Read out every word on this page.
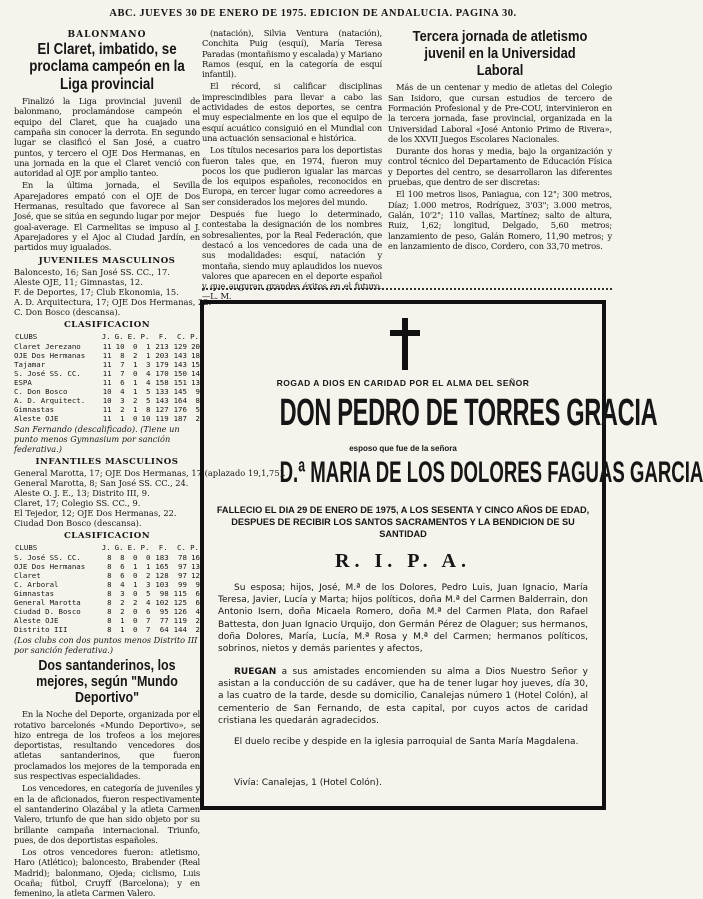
ABC. JUEVES 30 DE ENERO DE 1975. EDICION DE ANDALUCIA. PAGINA 30.
BALONMANO
El Claret, imbatido, se proclama campeón en la Liga provincial

Finalizó la Liga provincial juvenil de balonmano, proclamándose campeón el equipo del Claret, que ha cuajado una campaña sin conocer la derrota. En segundo lugar se clasificó el San José, a cuatro puntos, y tercero el OJE Dos Hermanas, en una jornada en la que el Claret venció con autoridad al OJE por amplio tanteo.

En la última jornada, el Sevilla Aparejadores empató con el OJE de Dos Hermanas, resultado que favorece al San José, que se sitúa en segundo lugar por mejor goal-average. El Carmelitas se impuso al J. Aparejadores y el Ajoc al Ciudad Jardín, en partidos muy igualados.

JUVENILES MASCULINOS
Baloncesto, 16; San José SS. CC., 17.
Aleste OJE, 11; Gimnastas, 12.
F. de Deportes, 17; Club Ekonomia, 15.
A. D. Arquitectura, 17; OJE Dos Hermanas, 22.
C. Don Bosco (descansa).
CLASIFICACION
CLUBS	J.	G.	E.	P.	F.	C.	P.
Claret Jerezano	11	10	0	1	213	129	20
OJE Dos Hermanas	11	8	2	1	203	143	18
Tajamar	11	7	1	3	179	143	15
S. José SS. CC.	11	7	0	4	170	150	14
ESPA	11	6	1	4	158	151	13
C. Don Bosco	10	4	1	5	133	145	9
A. D. Arquitect.	10	3	2	5	143	164	8
Gimnastas	11	2	1	8	127	176	5
Aleste OJE	11	1	0	10	119	187	2
San Fernando (descalificado). (Tiene un punto menos Gymnasium por sanción federativa.)
INFANTILES MASCULINOS
General Marotta, 17; OJE Dos Hermanas, 17 (aplazado 19,1,75).
General Marotta, 8; San José SS. CC., 24.
Aleste O. J. E., 13; Distrito III, 9.
Claret, 17; Colegio SS. CC., 9.
El Tejedor, 12; OJE Dos Hermanas, 22.
Ciudad Don Bosco (descansa).
CLASIFICACION
CLUBS	J.	G.	E.	P.	F.	C.	P.
S. José SS. CC.	8	8	0	0	183	78	16
OJE Dos Hermanas	8	6	1	1	165	97	13
Claret	8	6	0	2	128	97	12
C. Arboral	8	4	1	3	103	99	9
Gimnastas	8	3	0	5	98	115	6
General Marotta	8	2	2	4	102	125	6
Ciudad D. Bosco	8	2	0	6	95	126	4
Aleste OJE	8	1	0	7	77	119	2
Distrito III	8	1	0	7	64	144	2
(Los clubs con dos puntos menos Distrito III por sanción federativa.)
Dos santanderinos, los mejores, según "Mundo Deportivo"

En la Noche del Deporte, organizada por el rotativo barcelonés «Mundo Deportivo», se hizo entrega de los trofeos a los mejores deportistas, resultando vencedores dos atletas santanderinos, que fueron proclamados los mejores de la temporada en sus respectivas especialidades.

Los vencedores, en categoría de juveniles y en la de aficionados, fueron respectivamente el santanderino Olazábal y la atleta Carmen Valero, triunfo de que han sido objeto por su brillante campaña internacional. Triunfo, pues, de dos deportistas españoles.

Los otros vencedores fueron: atletismo, Haro (Atlético); baloncesto, Brabender (Real Madrid); balonmano, Ojeda; ciclismo, Luis Ocaña; fútbol, Cruyff (Barcelona); y en femenino, la atleta Carmen Valero.

(natación), Silvia Ventura (natación), Conchita Puig (esquí), María Teresa Paradas (montañismo y escalada) y Mariano Ramos (esquí, en la categoría de esquí infantil).

El récord, si calificar disciplinas imprescindibles para llevar a cabo las actividades de estos deportes, se centra muy especialmente en los que el equipo de esquí acuático consiguió en el Mundial con una actuación sensacional e histórica.

Los títulos necesarios para los deportistas fueron tales que, en 1974, fueron muy pocos los que pudieron igualar las marcas de los equipos españoles, reconocidos en Europa, en tercer lugar como acreedores a ser considerados los mejores del mundo.

Después fue luego lo determinado, contestaba la designación de los nombres sobresalientes, por la Real Federación, que destacó a los vencedores de cada una de sus modalidades: esquí, natación y montaña, siendo muy aplaudidos los nuevos valores que aparecen en el deporte español y que auguran grandes éxitos en el futuro. —L. M.

Tercera jornada de atletismo juvenil en la Universidad Laboral

Más de un centenar y medio de atletas del Colegio San Isidoro, que cursan estudios de tercero de Formación Profesional y de Pre-COU, intervinieron en la tercera jornada, fase provincial, organizada en la Universidad Laboral «José Antonio Primo de Rivera», de los XXVII Juegos Escolares Nacionales.

Durante dos horas y media, bajo la organización y control técnico del Departamento de Educación Física y Deportes del centro, se desarrollaron las diferentes pruebas, que dentro de ser discretas:

El 100 metros lisos, Paniagua, con 12"; 300 metros, Díaz; 1.000 metros, Rodríguez, 3'03"; 3.000 metros, Galán, 10'2"; 110 vallas, Martínez; salto de altura, Ruiz, 1,62; longitud, Delgado, 5,60 metros; lanzamiento de peso, Galán Romero, 11,90 metros; y en lanzamiento de disco, Cordero, con 33,70 metros.

ROGAD A DIOS EN CARIDAD POR EL ALMA DEL SEÑOR
DON PEDRO DE TORRES GRACIA
esposo que fue de la señora
D.ª MARIA DE LOS DOLORES FAGUAS GARCIA
FALLECIO EL DIA 29 DE ENERO DE 1975, A LOS SESENTA Y CINCO AÑOS DE EDAD, DESPUES DE RECIBIR LOS SANTOS SACRAMENTOS Y LA BENDICION DE SU SANTIDAD
R. I. P. A.
Su esposa; hijos, José, M.ª de los Dolores, Pedro Luis, Juan Ignacio, María Teresa, Javier, Lucía y Marta; hijos políticos, doña M.ª del Carmen Balderrain, don Antonio Isern, doña Micaela Romero, doña M.ª del Carmen Plata, don Rafael Battesta, don Juan Ignacio Urquijo, don Germán Pérez de Olaguer; sus hermanos, doña Dolores, María, Lucía, M.ª Rosa y M.ª del Carmen; hermanos políticos, sobrinos, nietos y demás parientes y afectos,
RUEGAN a sus amistades encomienden su alma a Dios Nuestro Señor y asistan a la conducción de su cadáver, que ha de tener lugar hoy jueves, día 30, a las cuatro de la tarde, desde su domicilio, Canalejas número 1 (Hotel Colón), al cementerio de San Fernando, de esta capital, por cuyos actos de caridad cristiana les quedarán agradecidos.
El duelo recibe y despide en la iglesia parroquial de Santa María Magdalena.
Vivía: Canalejas, 1 (Hotel Colón).
